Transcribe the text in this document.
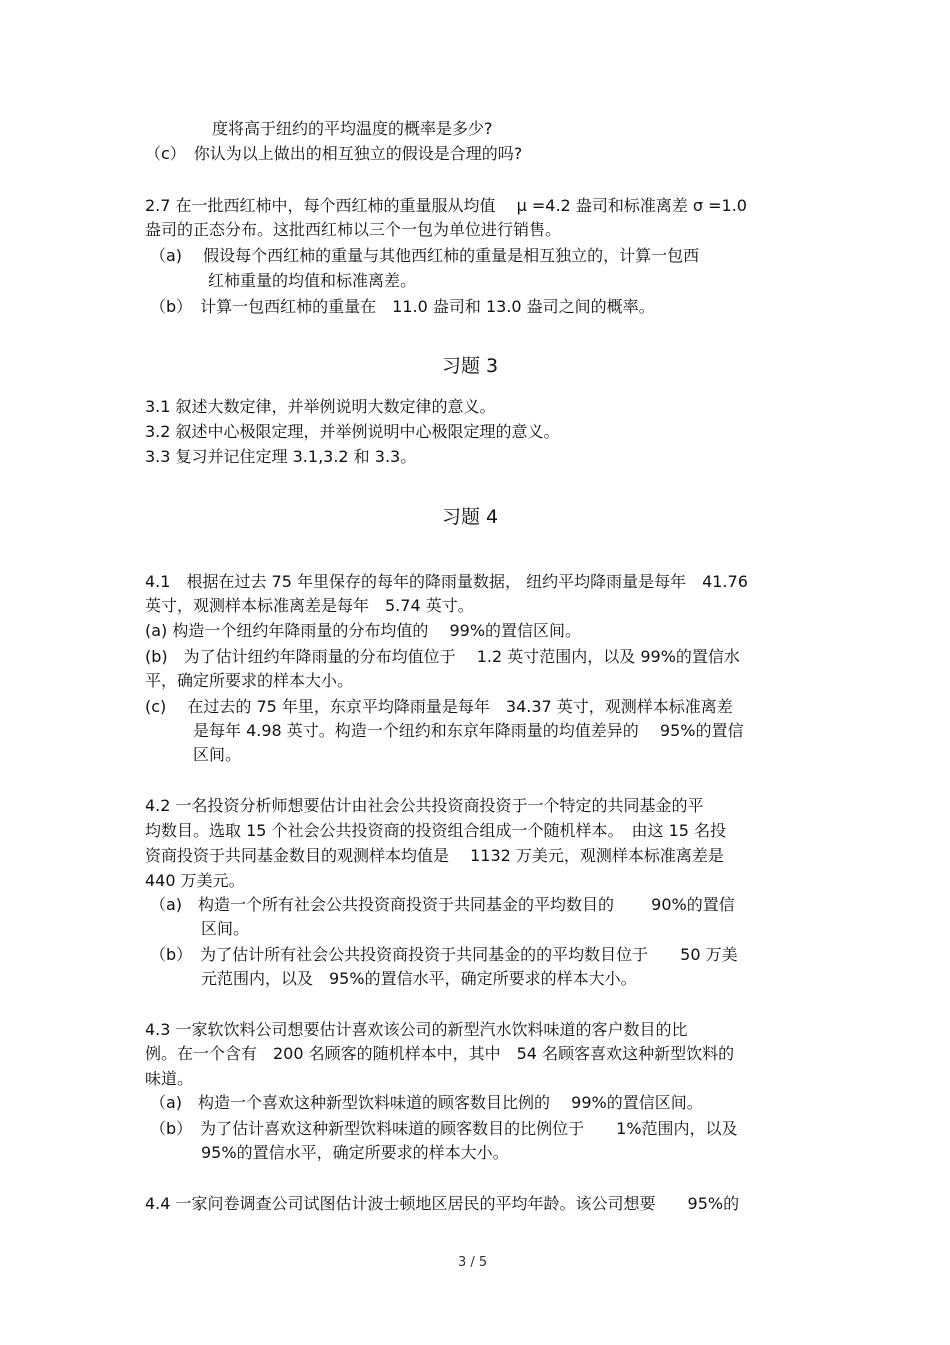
度将高于纽约的平均温度的概率是多少?
（c）　你认为以上做出的相互独立的假设是合理的吗?
2.7 在一批西红柿中，每个西红柿的重量服从均值　 μ =4.2 盎司和标准离差 σ =1.0
盎司的正态分布。这批西红柿以三个一包为单位进行销售。
（a)　 假设每个西红柿的重量与其他西红柿的重量是相互独立的，计算一包西
红柿重量的均值和标准离差。
（b）　计算一包西红柿的重量在　11.0 盎司和 13.0 盎司之间的概率。
习题 3
3.1 叙述大数定律，并举例说明大数定律的意义。
3.2 叙述中心极限定理，并举例说明中心极限定理的意义。
3.3 复习并记住定理 3.1,3.2 和 3.3。
习题 4
4.1　根据在过去 75 年里保存的每年的降雨量数据， 纽约平均降雨量是每年　41.76
英寸，观测样本标准离差是每年　5.74 英寸。
(a) 构造一个纽约年降雨量的分布均值的　 99%的置信区间。
(b)　为了估计纽约年降雨量的分布均值位于　 1.2 英寸范围内，以及 99%的置信水
平，确定所要求的样本大小。
(c)　 在过去的 75 年里，东京平均降雨量是每年　34.37 英寸，观测样本标准离差
是每年 4.98 英寸。构造一个纽约和东京年降雨量的均值差异的　 95%的置信
区间。
4.2 一名投资分析师想要估计由社会公共投资商投资于一个特定的共同基金的平
均数目。选取 15 个社会公共投资商的投资组合组成一个随机样本。　由这 15 名投
资商投资于共同基金数目的观测样本均值是　 1132 万美元，观测样本标准离差是
440 万美元。
（a)　构造一个所有社会公共投资商投资于共同基金的平均数目的　　 90%的置信
区间。
（b）　为了估计所有社会公共投资商投资于共同基金的的平均数目位于　　50 万美
元范围内，以及　95%的置信水平，确定所要求的样本大小。
4.3 一家软饮料公司想要估计喜欢该公司的新型汽水饮料味道的客户数目的比
例。在一个含有　200 名顾客的随机样本中，其中　54 名顾客喜欢这种新型饮料的
味道。
（a)　构造一个喜欢这种新型饮料味道的顾客数目比例的　 99%的置信区间。
（b）　为了估计喜欢这种新型饮料味道的顾客数目的比例位于　　1%范围内，以及
95%的置信水平，确定所要求的样本大小。
4.4 一家问卷调查公司试图估计波士顿地区居民的平均年龄。该公司想要　　95%的
3 / 5
